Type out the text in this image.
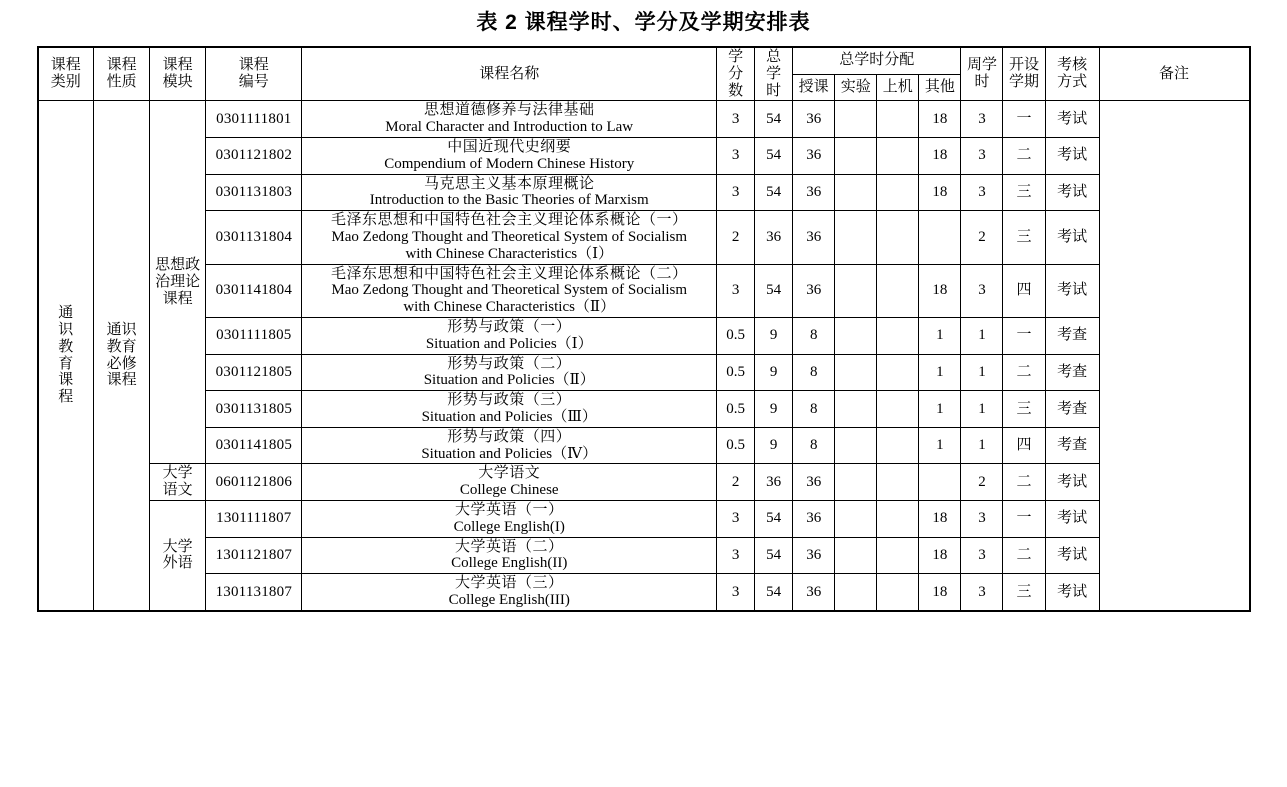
表 2 课程学时、学分及学期安排表
课程类别	课程性质	课程模块	课程编号	课程名称	学分数	总学时	总学时分配				周学时	开设学期	考核方式	备注
							授课	实验	上机	其他				

通识教育课程	通识教育必修课程	思想政治理论课程	0301111801	思想道德修养与法律基础
Moral Character and Introduction to Law	3	54	36			18	3	一	考试	
			0301121802	中国近现代史纲要
Compendium of Modern Chinese History	3	54	36			18	3	二	考试	
			0301131803	马克思主义基本原理概论
Introduction to the Basic Theories of Marxism	3	54	36			18	3	三	考试	
			0301131804	毛泽东思想和中国特色社会主义理论体系概论（一）
Mao Zedong Thought and Theoretical System of Socialism
with Chinese Characteristics（Ⅰ）	2	36	36				2	三	考试	
			0301141804	毛泽东思想和中国特色社会主义理论体系概论（二）
Mao Zedong Thought and Theoretical System of Socialism
with Chinese Characteristics（Ⅱ）	3	54	36			18	3	四	考试	
			0301111805	形势与政策（一）
Situation and Policies（Ⅰ）	0.5	9	8			1	1	一	考查	
			0301121805	形势与政策（二）
Situation and Policies（Ⅱ）	0.5	9	8			1	1	二	考查	
			0301131805	形势与政策（三）
Situation and Policies（Ⅲ）	0.5	9	8			1	1	三	考查	
			0301141805	形势与政策（四）
Situation and Policies（Ⅳ）	0.5	9	8			1	1	四	考查	

		大学语文	0601121806	大学语文
College Chinese	2	36	36				2	二	考试	

		大学外语	1301111807	大学英语（一）
College English(I)	3	54	36			18	3	一	考试	
			1301121807	大学英语（二）
College English(II)	3	54	36			18	3	二	考试	
			1301131807	大学英语（三）
College English(III)	3	54	36			18	3	三	考试	
